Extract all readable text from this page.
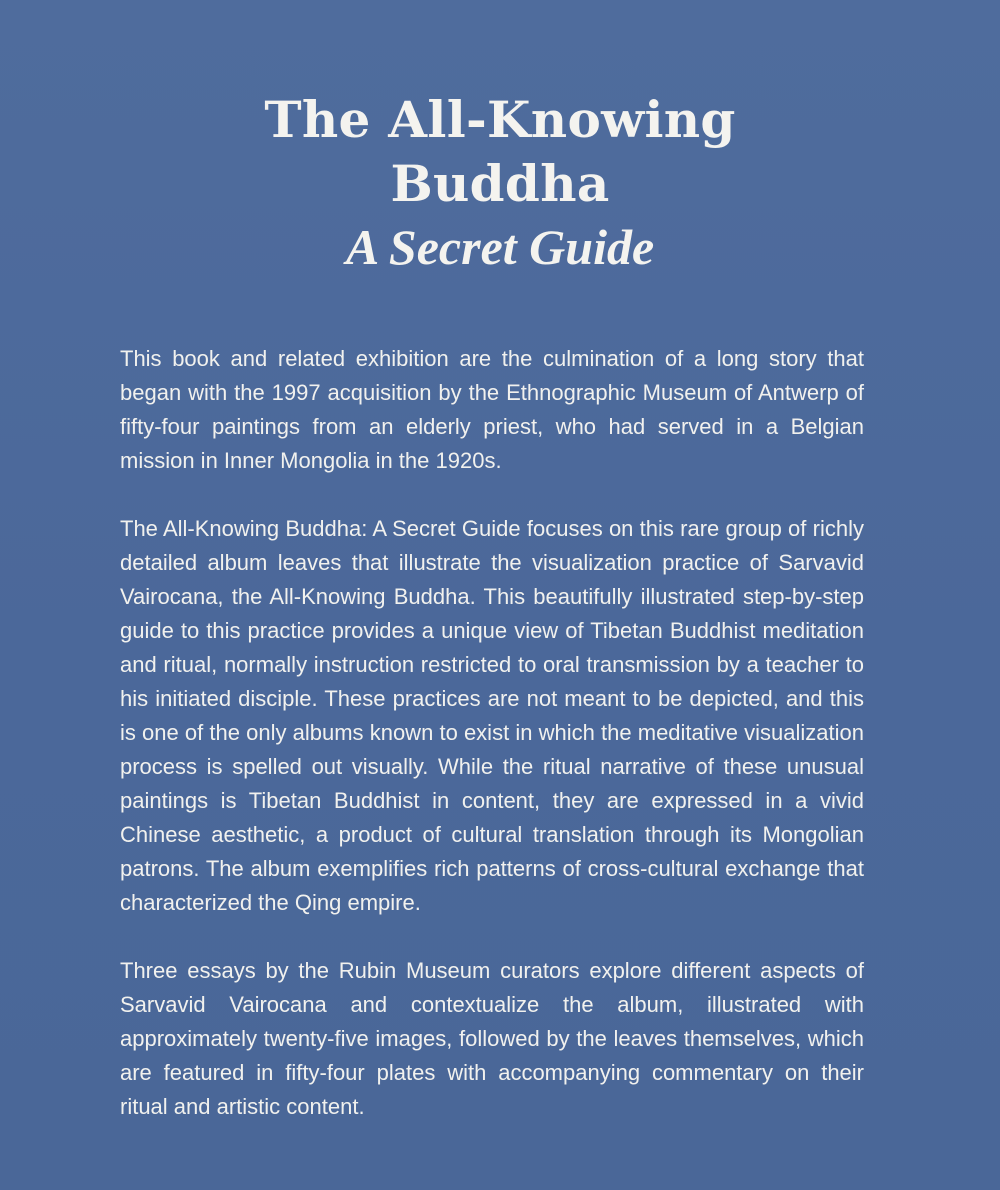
The All-Knowing
Buddha
A Secret Guide

This book and related exhibition are the culmination of a long story that began with the 1997 acquisition by the Ethnographic Museum of Antwerp of fifty-four paintings from an elderly priest, who had served in a Belgian mission in Inner Mongolia in the 1920s.

The All-Knowing Buddha: A Secret Guide focuses on this rare group of richly detailed album leaves that illustrate the visualization practice of Sarvavid Vairocana, the All-Knowing Buddha. This beautifully illustrated step-by-step guide to this practice provides a unique view of Tibetan Buddhist meditation and ritual, normally instruction restricted to oral transmission by a teacher to his initiated disciple. These practices are not meant to be depicted, and this is one of the only albums known to exist in which the meditative visualization process is spelled out visually. While the ritual narrative of these unusual paintings is Tibetan Buddhist in content, they are expressed in a vivid Chinese aesthetic, a product of cultural translation through its Mongolian patrons. The album exemplifies rich patterns of cross-cultural exchange that characterized the Qing empire.

Three essays by the Rubin Museum curators explore different aspects of Sarvavid Vairocana and contextualize the album, illustrated with approximately twenty-five images, followed by the leaves themselves, which are featured in fifty-four plates with accompanying commentary on their ritual and artistic content.
